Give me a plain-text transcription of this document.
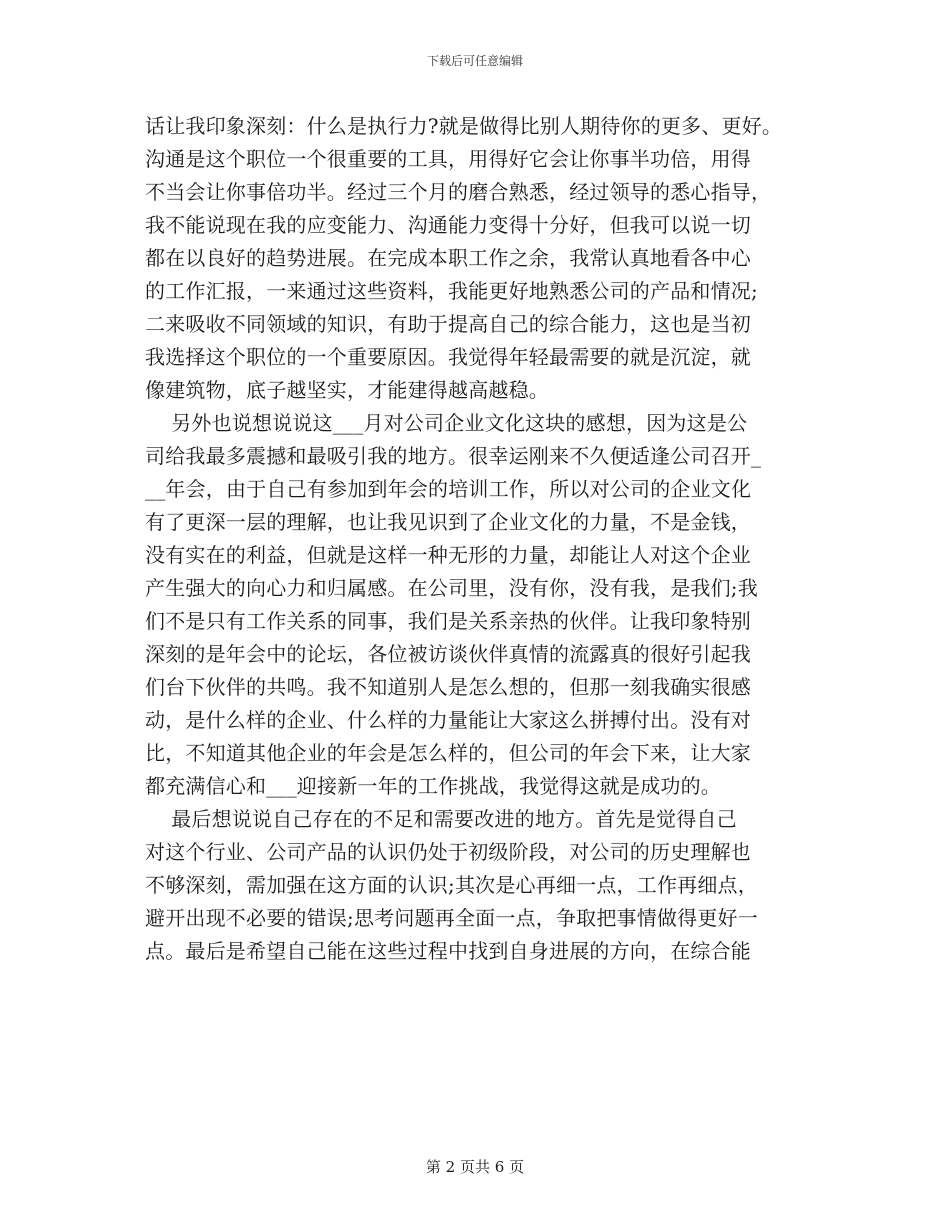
下载后可任意编辑
话让我印象深刻：什么是执行力?就是做得比别人期待你的更多、更好。
沟通是这个职位一个很重要的工具，用得好它会让你事半功倍，用得
不当会让你事倍功半。经过三个月的磨合熟悉，经过领导的悉心指导，
我不能说现在我的应变能力、沟通能力变得十分好，但我可以说一切
都在以良好的趋势进展。在完成本职工作之余，我常认真地看各中心
的工作汇报，一来通过这些资料，我能更好地熟悉公司的产品和情况;
二来吸收不同领域的知识，有助于提高自己的综合能力，这也是当初
我选择这个职位的一个重要原因。我觉得年轻最需要的就是沉淀，就
像建筑物，底子越坚实，才能建得越高越稳。
另外也说想说说这___月对公司企业文化这块的感想，因为这是公
司给我最多震撼和最吸引我的地方。很幸运刚来不久便适逢公司召开_
__年会，由于自己有参加到年会的培训工作，所以对公司的企业文化
有了更深一层的理解，也让我见识到了企业文化的力量，不是金钱，
没有实在的利益，但就是这样一种无形的力量，却能让人对这个企业
产生强大的向心力和归属感。在公司里，没有你，没有我，是我们;我
们不是只有工作关系的同事，我们是关系亲热的伙伴。让我印象特别
深刻的是年会中的论坛，各位被访谈伙伴真情的流露真的很好引起我
们台下伙伴的共鸣。我不知道别人是怎么想的，但那一刻我确实很感
动，是什么样的企业、什么样的力量能让大家这么拼搏付出。没有对
比，不知道其他企业的年会是怎么样的，但公司的年会下来，让大家
都充满信心和___迎接新一年的工作挑战，我觉得这就是成功的。
最后想说说自己存在的不足和需要改进的地方。首先是觉得自己
对这个行业、公司产品的认识仍处于初级阶段，对公司的历史理解也
不够深刻，需加强在这方面的认识;其次是心再细一点，工作再细点，
避开出现不必要的错误;思考问题再全面一点，争取把事情做得更好一
点。最后是希望自己能在这些过程中找到自身进展的方向，在综合能
第 2 页共 6 页
